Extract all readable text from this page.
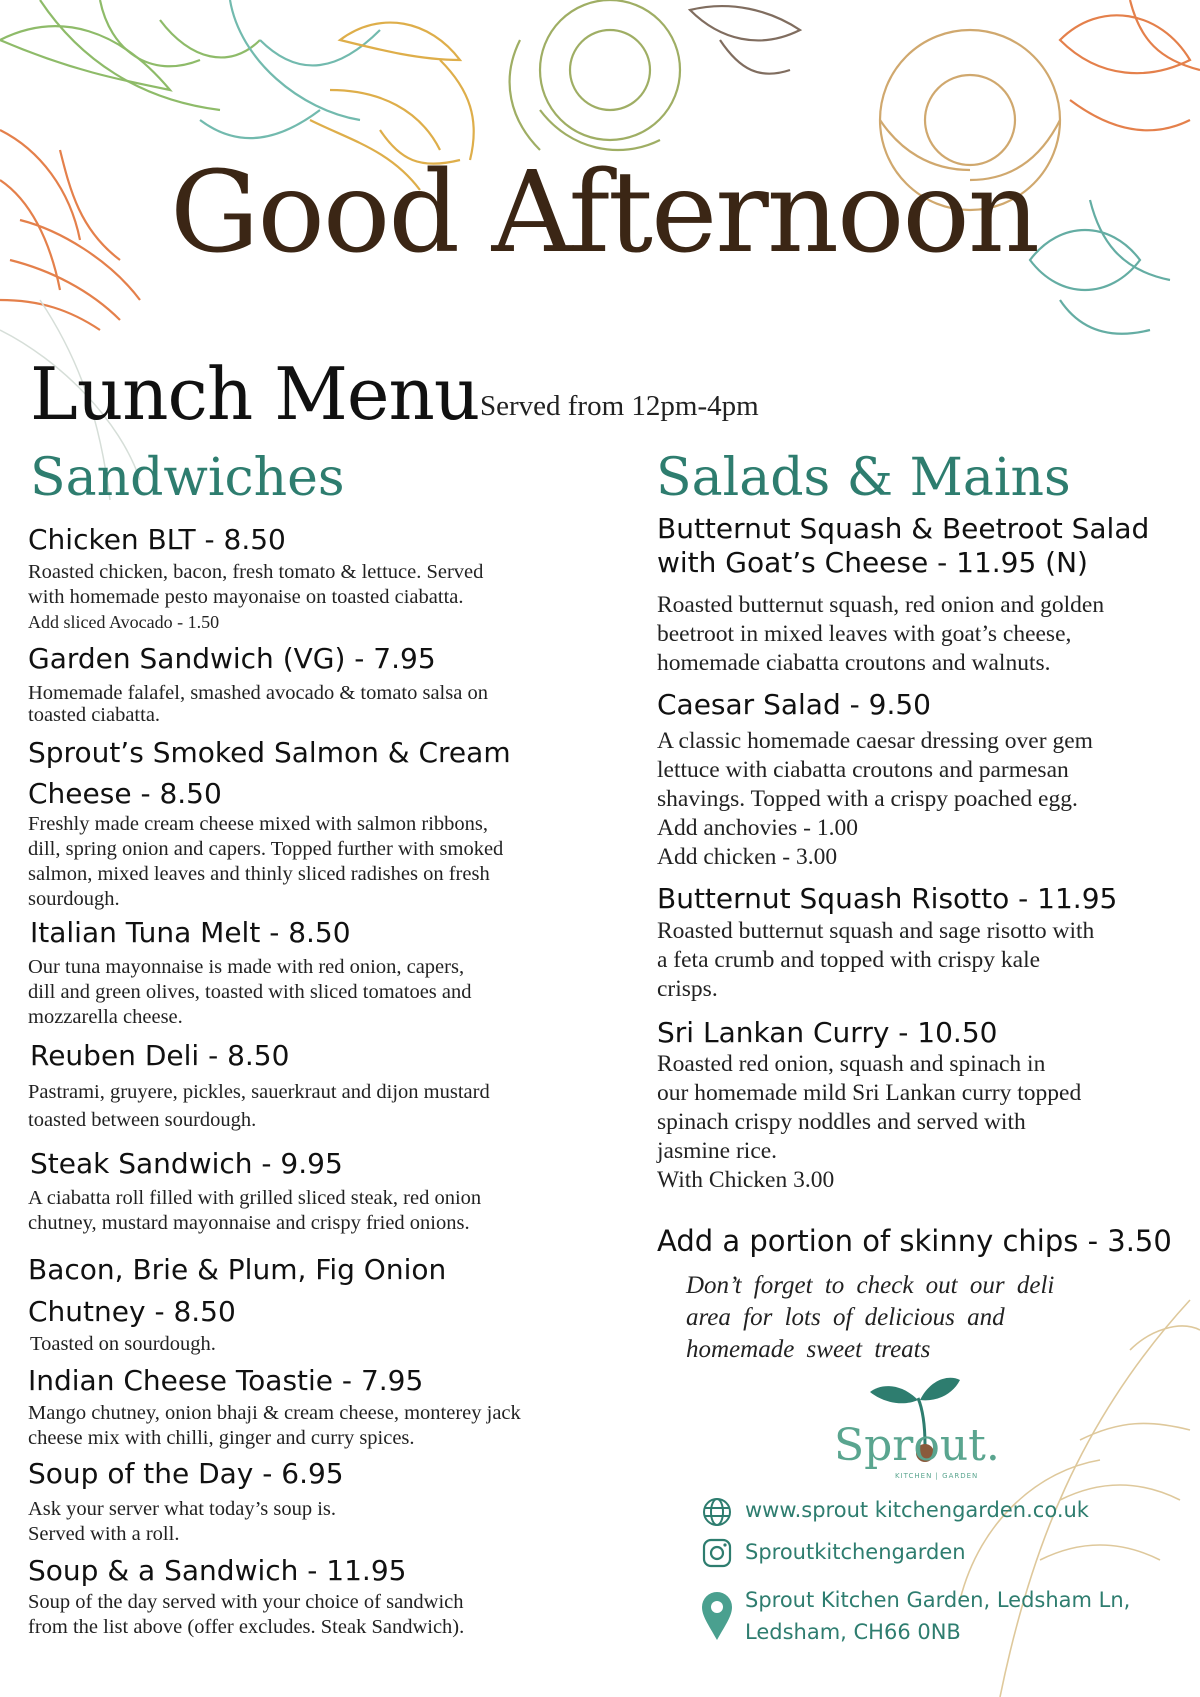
Good Afternoon
Lunch Menu Served from 12pm-4pm
Sandwiches
Chicken BLT - 8.50
Roasted chicken, bacon, fresh tomato & lettuce. Served
with homemade pesto mayonaise on toasted ciabatta.
Add sliced Avocado - 1.50
Garden Sandwich (VG) - 7.95
Homemade falafel, smashed avocado & tomato salsa on
toasted ciabatta.
Sprout’s Smoked Salmon & Cream
Cheese - 8.50
Freshly made cream cheese mixed with salmon ribbons,
dill, spring onion and capers. Topped further with smoked
salmon, mixed leaves and thinly sliced radishes on fresh
sourdough.
Italian Tuna Melt - 8.50
Our tuna mayonnaise is made with red onion, capers,
dill and green olives, toasted with sliced tomatoes and
mozzarella cheese.
Reuben Deli - 8.50
Pastrami, gruyere, pickles, sauerkraut and dijon mustard
toasted between sourdough.
Steak Sandwich - 9.95
A ciabatta roll filled with grilled sliced steak, red onion
chutney, mustard mayonnaise and crispy fried onions.
Bacon, Brie & Plum, Fig Onion
Chutney - 8.50
Toasted on sourdough.
Indian Cheese Toastie - 7.95
Mango chutney, onion bhaji & cream cheese, monterey jack
cheese mix with chilli, ginger and curry spices.
Soup of the Day - 6.95
Ask your server what today’s soup is.
Served with a roll.
Soup & a Sandwich - 11.95
Soup of the day served with your choice of sandwich
from the list above (offer excludes. Steak Sandwich).
Salads & Mains
Butternut Squash & Beetroot Salad
with Goat’s Cheese - 11.95 (N)
Roasted butternut squash, red onion and golden
beetroot in mixed leaves with goat’s cheese,
homemade ciabatta croutons and walnuts.
Caesar Salad - 9.50
A classic homemade caesar dressing over gem
lettuce with ciabatta croutons and parmesan
shavings. Topped with a crispy poached egg.
Add anchovies - 1.00
Add chicken - 3.00
Butternut Squash Risotto - 11.95
Roasted butternut squash and sage risotto with
a feta crumb and topped with crispy kale
crisps.
Sri Lankan Curry - 10.50
Roasted red onion, squash and spinach in
our homemade mild Sri Lankan curry topped
spinach crispy noddles and served with
jasmine rice.
With Chicken 3.00
Add a portion of skinny chips - 3.50
Don’t forget to check out our deli area for lots of delicious and homemade sweet treats
Sprout.
KITCHEN | GARDEN
www.sprout kitchengarden.co.uk
Sproutkitchengarden
Sprout Kitchen Garden, Ledsham Ln,
Ledsham, CH66 0NB
